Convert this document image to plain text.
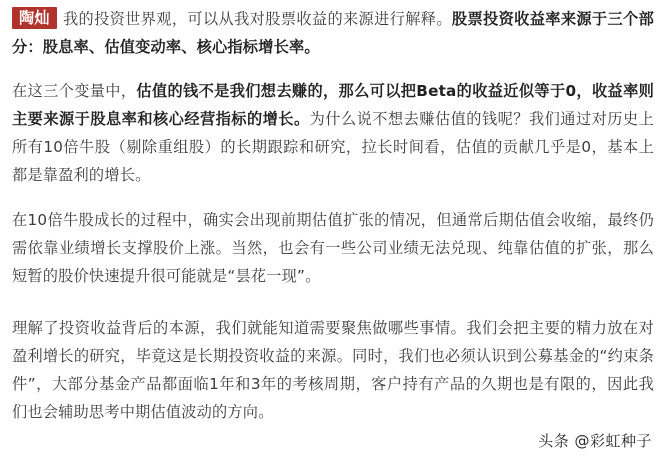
陶灿 我的投资世界观，可以从我对股票收益的来源进行解释。股票投资收益率来源于三个部分：股息率、估值变动率、核心指标增长率。

在这三个变量中，估值的钱不是我们想去赚的，那么可以把Beta的收益近似等于0，收益率则主要来源于股息率和核心经营指标的增长。为什么说不想去赚估值的钱呢？我们通过对历史上所有10倍牛股（剔除重组股）的长期跟踪和研究，拉长时间看，估值的贡献几乎是0，基本上都是靠盈利的增长。

在10倍牛股成长的过程中，确实会出现前期估值扩张的情况，但通常后期估值会收缩，最终仍需依靠业绩增长支撑股价上涨。当然，也会有一些公司业绩无法兑现、纯靠估值的扩张，那么短暂的股价快速提升很可能就是“昙花一现”。

理解了投资收益背后的本源，我们就能知道需要聚焦做哪些事情。我们会把主要的精力放在对盈利增长的研究，毕竟这是长期投资收益的来源。同时，我们也必须认识到公募基金的“约束条件”，大部分基金产品都面临1年和3年的考核周期，客户持有产品的久期也是有限的，因此我们也会辅助思考中期估值波动的方向。

头条 @彩虹种子
